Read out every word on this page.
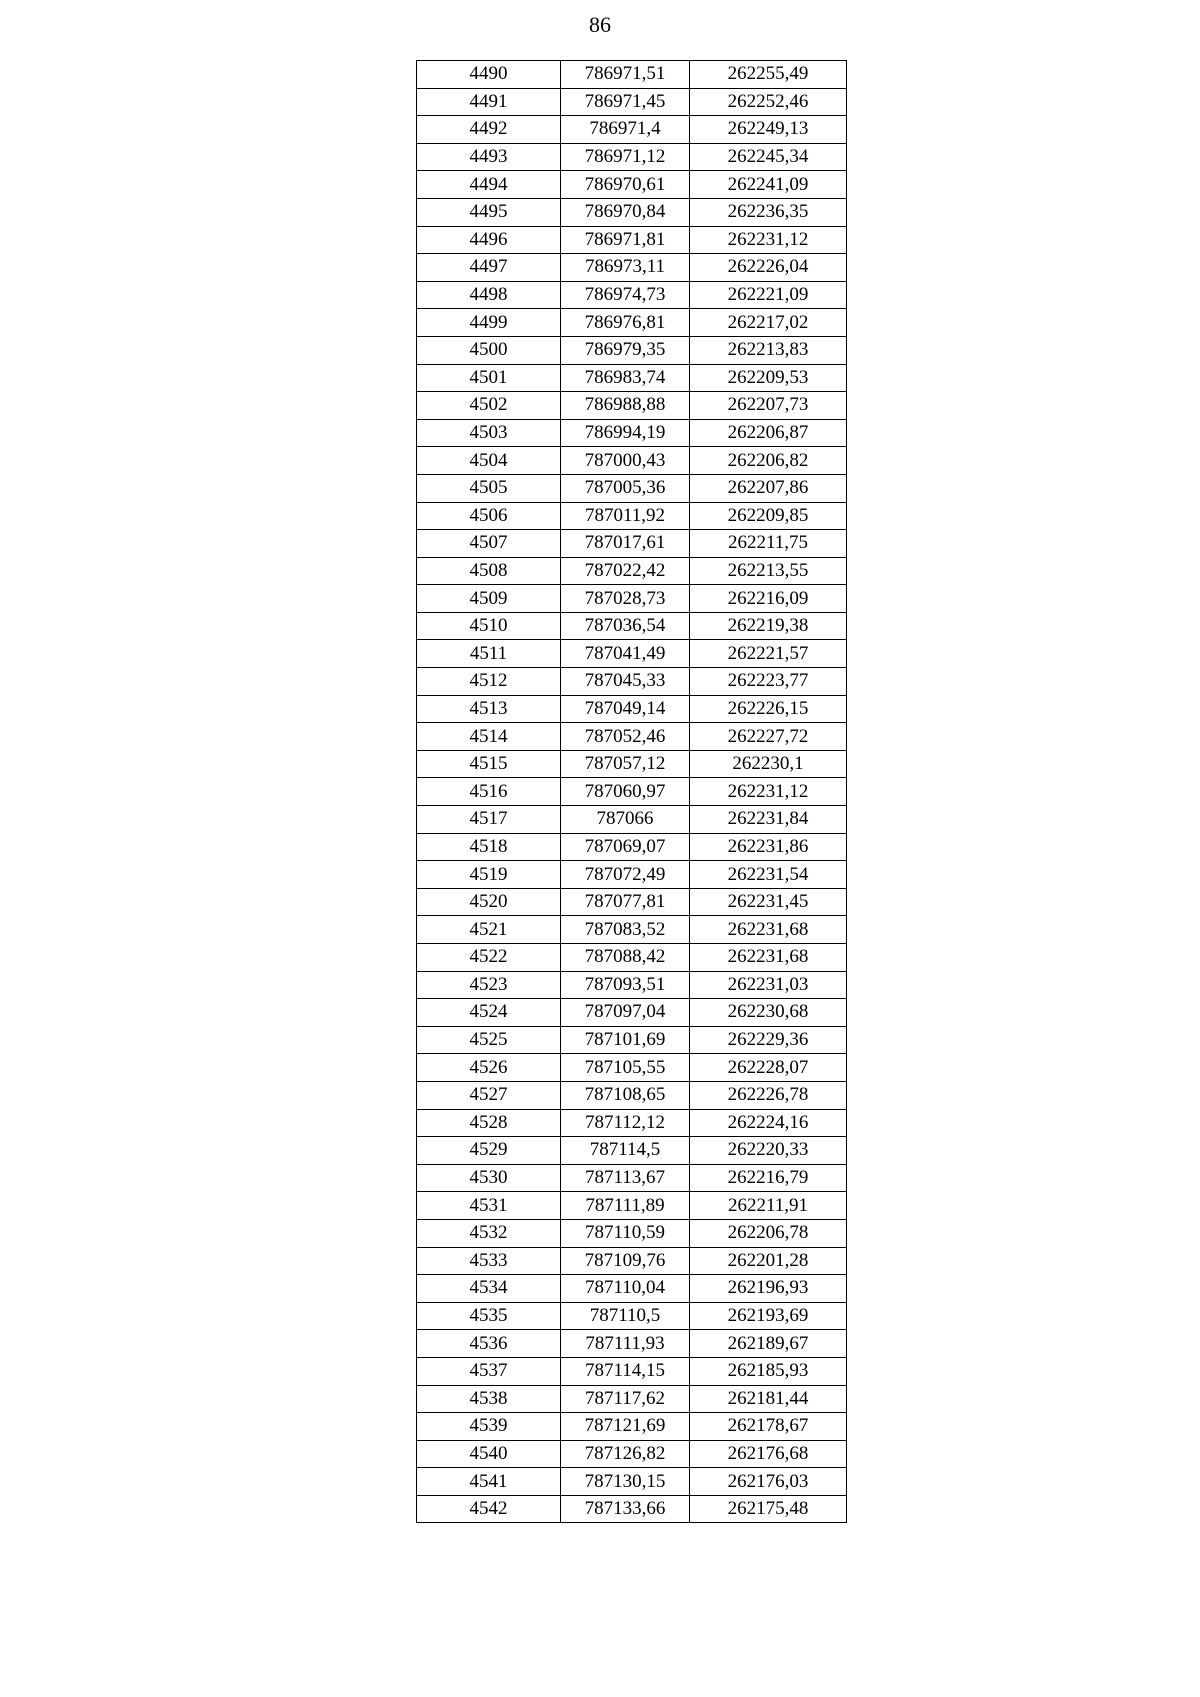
86
4490	786971,51	262255,49
4491	786971,45	262252,46
4492	786971,4	262249,13
4493	786971,12	262245,34
4494	786970,61	262241,09
4495	786970,84	262236,35
4496	786971,81	262231,12
4497	786973,11	262226,04
4498	786974,73	262221,09
4499	786976,81	262217,02
4500	786979,35	262213,83
4501	786983,74	262209,53
4502	786988,88	262207,73
4503	786994,19	262206,87
4504	787000,43	262206,82
4505	787005,36	262207,86
4506	787011,92	262209,85
4507	787017,61	262211,75
4508	787022,42	262213,55
4509	787028,73	262216,09
4510	787036,54	262219,38
4511	787041,49	262221,57
4512	787045,33	262223,77
4513	787049,14	262226,15
4514	787052,46	262227,72
4515	787057,12	262230,1
4516	787060,97	262231,12
4517	787066	262231,84
4518	787069,07	262231,86
4519	787072,49	262231,54
4520	787077,81	262231,45
4521	787083,52	262231,68
4522	787088,42	262231,68
4523	787093,51	262231,03
4524	787097,04	262230,68
4525	787101,69	262229,36
4526	787105,55	262228,07
4527	787108,65	262226,78
4528	787112,12	262224,16
4529	787114,5	262220,33
4530	787113,67	262216,79
4531	787111,89	262211,91
4532	787110,59	262206,78
4533	787109,76	262201,28
4534	787110,04	262196,93
4535	787110,5	262193,69
4536	787111,93	262189,67
4537	787114,15	262185,93
4538	787117,62	262181,44
4539	787121,69	262178,67
4540	787126,82	262176,68
4541	787130,15	262176,03
4542	787133,66	262175,48
